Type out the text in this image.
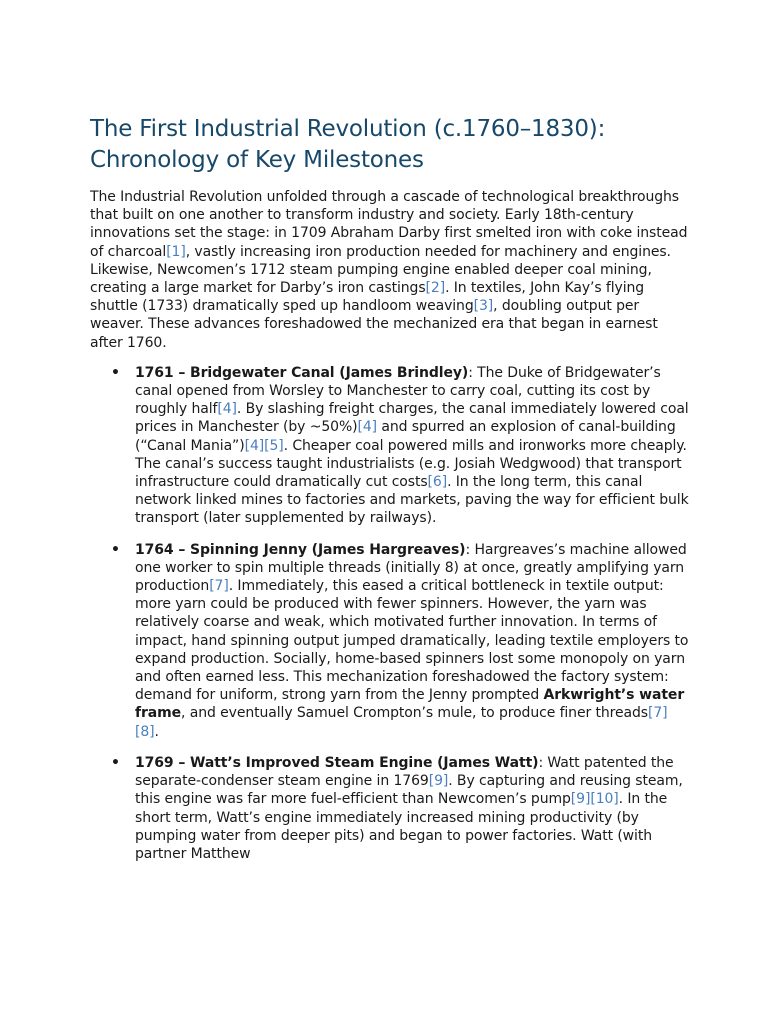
The First Industrial Revolution (c.1760–1830): Chronology of Key Milestones

The Industrial Revolution unfolded through a cascade of technological breakthroughs that built on one another to transform industry and society. Early 18th-century innovations set the stage: in 1709 Abraham Darby first smelted iron with coke instead of charcoal[1], vastly increasing iron production needed for machinery and engines. Likewise, Newcomen’s 1712 steam pumping engine enabled deeper coal mining, creating a large market for Darby’s iron castings[2]. In textiles, John Kay’s flying shuttle (1733) dramatically sped up handloom weaving[3], doubling output per weaver. These advances foreshadowed the mechanized era that began in earnest after 1760.

• 1761 – Bridgewater Canal (James Brindley): The Duke of Bridgewater’s canal opened from Worsley to Manchester to carry coal, cutting its cost by roughly half[4]. By slashing freight charges, the canal immediately lowered coal prices in Manchester (by ~50%)[4] and spurred an explosion of canal-building (“Canal Mania”)[4][5]. Cheaper coal powered mills and ironworks more cheaply. The canal’s success taught industrialists (e.g. Josiah Wedgwood) that transport infrastructure could dramatically cut costs[6]. In the long term, this canal network linked mines to factories and markets, paving the way for efficient bulk transport (later supplemented by railways).
• 1764 – Spinning Jenny (James Hargreaves): Hargreaves’s machine allowed one worker to spin multiple threads (initially 8) at once, greatly amplifying yarn production[7]. Immediately, this eased a critical bottleneck in textile output: more yarn could be produced with fewer spinners. However, the yarn was relatively coarse and weak, which motivated further innovation. In terms of impact, hand spinning output jumped dramatically, leading textile employers to expand production. Socially, home-based spinners lost some monopoly on yarn and often earned less. This mechanization foreshadowed the factory system: demand for uniform, strong yarn from the Jenny prompted Arkwright’s water frame, and eventually Samuel Crompton’s mule, to produce finer threads[7][8].
• 1769 – Watt’s Improved Steam Engine (James Watt): Watt patented the separate-condenser steam engine in 1769[9]. By capturing and reusing steam, this engine was far more fuel-efficient than Newcomen’s pump[9][10]. In the short term, Watt’s engine immediately increased mining productivity (by pumping water from deeper pits) and began to power factories. Watt (with partner Matthew
